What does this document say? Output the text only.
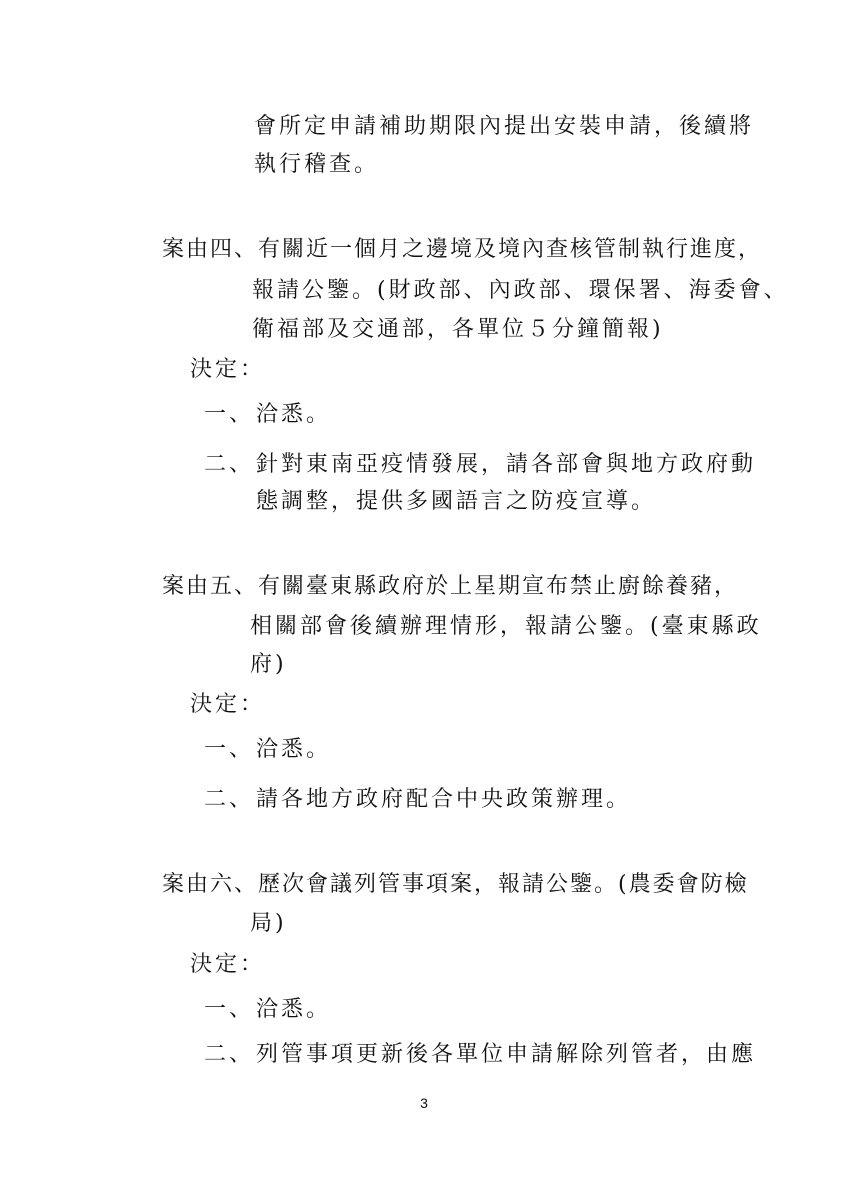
會所定申請補助期限內提出安裝申請，後續將
執行稽查。
案由四、有關近一個月之邊境及境內查核管制執行進度，
報請公鑒。(財政部、內政部、環保署、海委會、
衛福部及交通部，各單位５分鐘簡報)
決定：
一、 洽悉。
二、 針對東南亞疫情發展，請各部會與地方政府動
態調整，提供多國語言之防疫宣導。
案由五、有關臺東縣政府於上星期宣布禁止廚餘養豬，
相關部會後續辦理情形，報請公鑒。(臺東縣政
府)
決定：
一、 洽悉。
二、 請各地方政府配合中央政策辦理。
案由六、歷次會議列管事項案，報請公鑒。(農委會防檢
局)
決定：
一、 洽悉。
二、 列管事項更新後各單位申請解除列管者，由應
3
